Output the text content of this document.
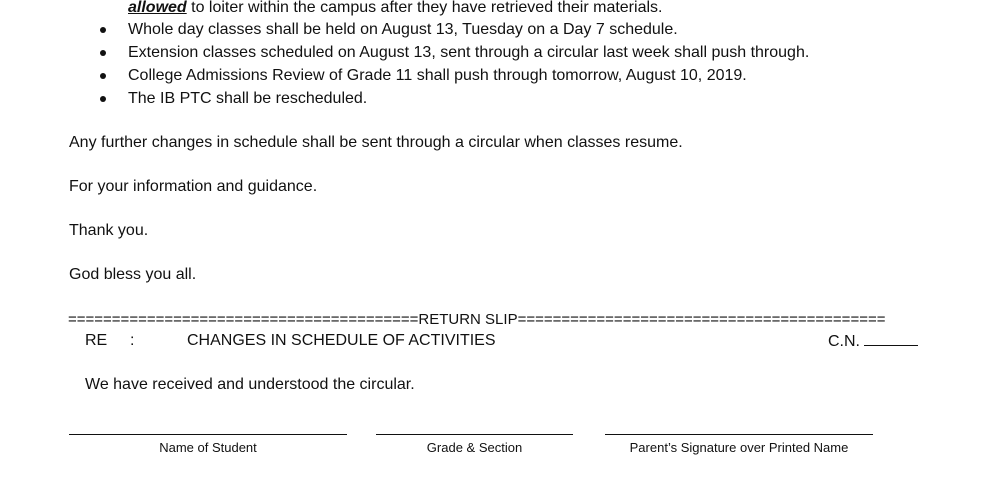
allowed to loiter within the campus after they have retrieved their materials.
Whole day classes shall be held on August 13, Tuesday on a Day 7 schedule.
Extension classes scheduled on August 13, sent through a circular last week shall push through.
College Admissions Review of Grade 11 shall push through tomorrow, August 10, 2019.
The IB PTC shall be rescheduled.
Any further changes in schedule shall be sent through a circular when classes resume.
For your information and guidance.
Thank you.
God bless you all.
========================================RETURN SLIP==========================================
RE :	CHANGES IN SCHEDULE OF ACTIVITIES	C.N.
We have received and understood the circular.
Name of Student	Grade & Section	Parent’s Signature over Printed Name
